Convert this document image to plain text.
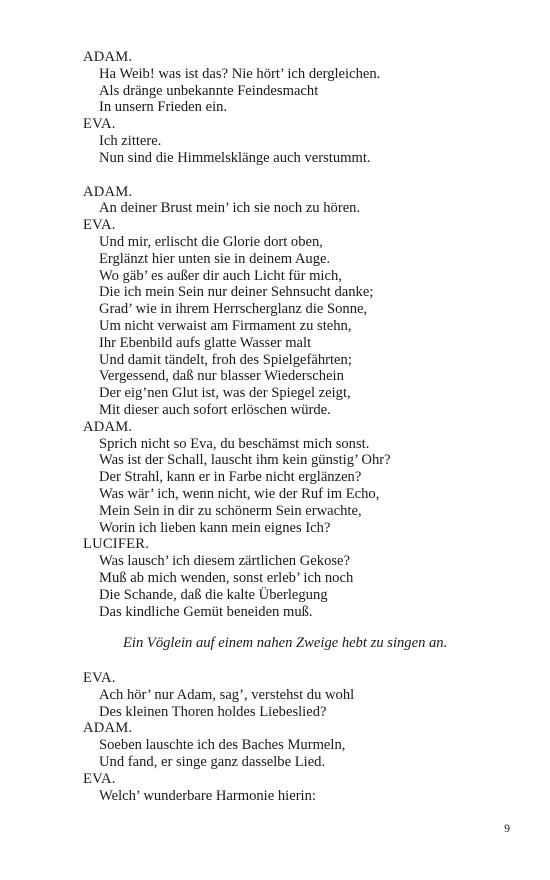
ADAM.
Ha Weib! was ist das? Nie hört’ ich dergleichen.
Als dränge unbekannte Feindesmacht
In unsern Frieden ein.
EVA.
Ich zittere.
Nun sind die Himmelsklänge auch verstummt.
ADAM.
An deiner Brust mein’ ich sie noch zu hören.
EVA.
Und mir, erlischt die Glorie dort oben,
Erglänzt hier unten sie in deinem Auge.
Wo gäb’ es außer dir auch Licht für mich,
Die ich mein Sein nur deiner Sehnsucht danke;
Grad’ wie in ihrem Herrscherglanz die Sonne,
Um nicht verwaist am Firmament zu stehn,
Ihr Ebenbild aufs glatte Wasser malt
Und damit tändelt, froh des Spielgefährten;
Vergessend, daß nur blasser Wiederschein
Der eig’nen Glut ist, was der Spiegel zeigt,
Mit dieser auch sofort erlöschen würde.
ADAM.
Sprich nicht so Eva, du beschämst mich sonst.
Was ist der Schall, lauscht ihm kein günstig’ Ohr?
Der Strahl, kann er in Farbe nicht erglänzen?
Was wär’ ich, wenn nicht, wie der Ruf im Echo,
Mein Sein in dir zu schönerm Sein erwachte,
Worin ich lieben kann mein eignes Ich?
LUCIFER.
Was lausch’ ich diesem zärtlichen Gekose?
Muß ab mich wenden, sonst erleb’ ich noch
Die Schande, daß die kalte Überlegung
Das kindliche Gemüt beneiden muß.
Ein Vöglein auf einem nahen Zweige hebt zu singen an.
EVA.
Ach hör’ nur Adam, sag’, verstehst du wohl
Des kleinen Thoren holdes Liebeslied?
ADAM.
Soeben lauschte ich des Baches Murmeln,
Und fand, er singe ganz dasselbe Lied.
EVA.
Welch’ wunderbare Harmonie hierin:
9
